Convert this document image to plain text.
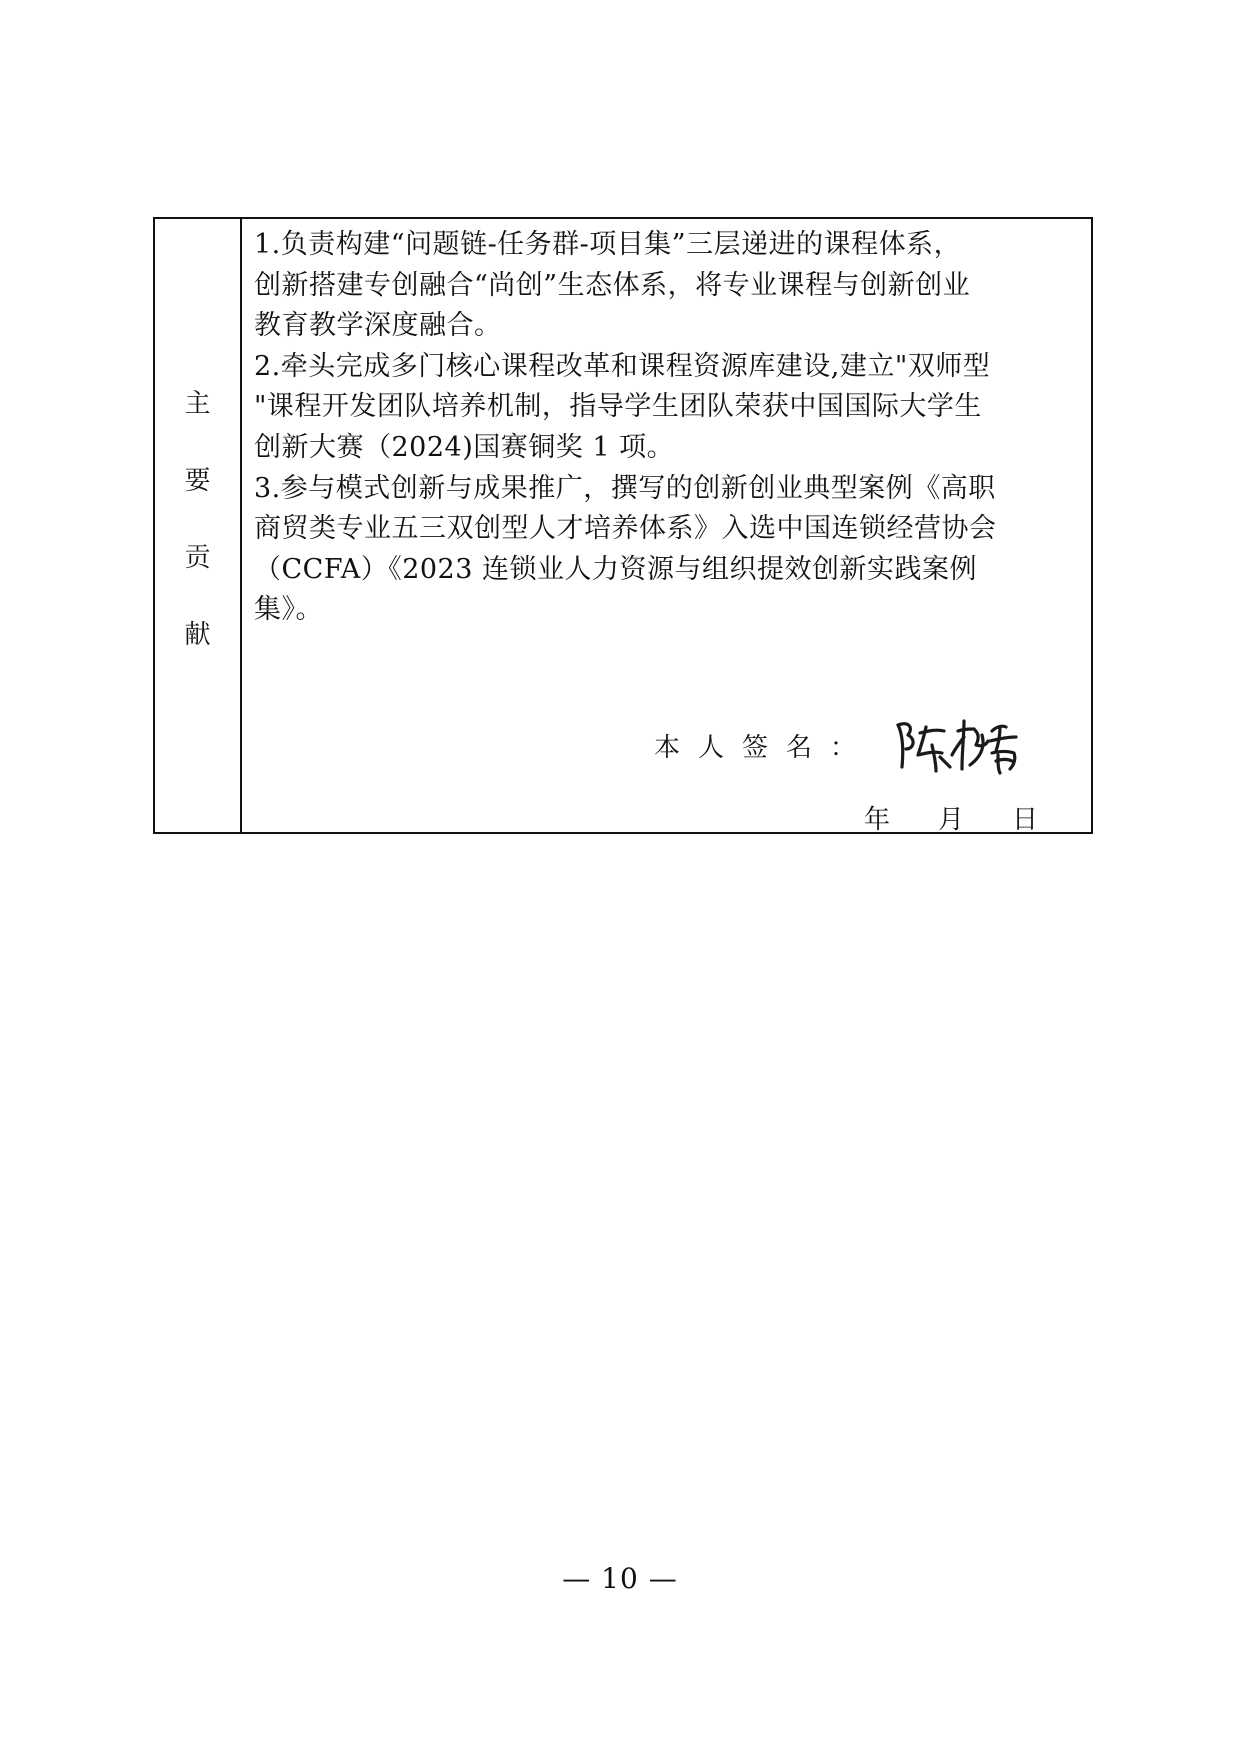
主
要
贡
献
1.负责构建“问题链-任务群-项目集”三层递进的课程体系，
创新搭建专创融合“尚创”生态体系，将专业课程与创新创业
教育教学深度融合。
2.牵头完成多门核心课程改革和课程资源库建设,建立"双师型
"课程开发团队培养机制，指导学生团队荣获中国国际大学生
创新大赛（2024)国赛铜奖 1 项。
3.参与模式创新与成果推广，撰写的创新创业典型案例《高职
商贸类专业五三双创型人才培养体系》入选中国连锁经营协会
（CCFA）《2023 连锁业人力资源与组织提效创新实践案例
集》。
本人签名：
年 月 日
— 10 —
